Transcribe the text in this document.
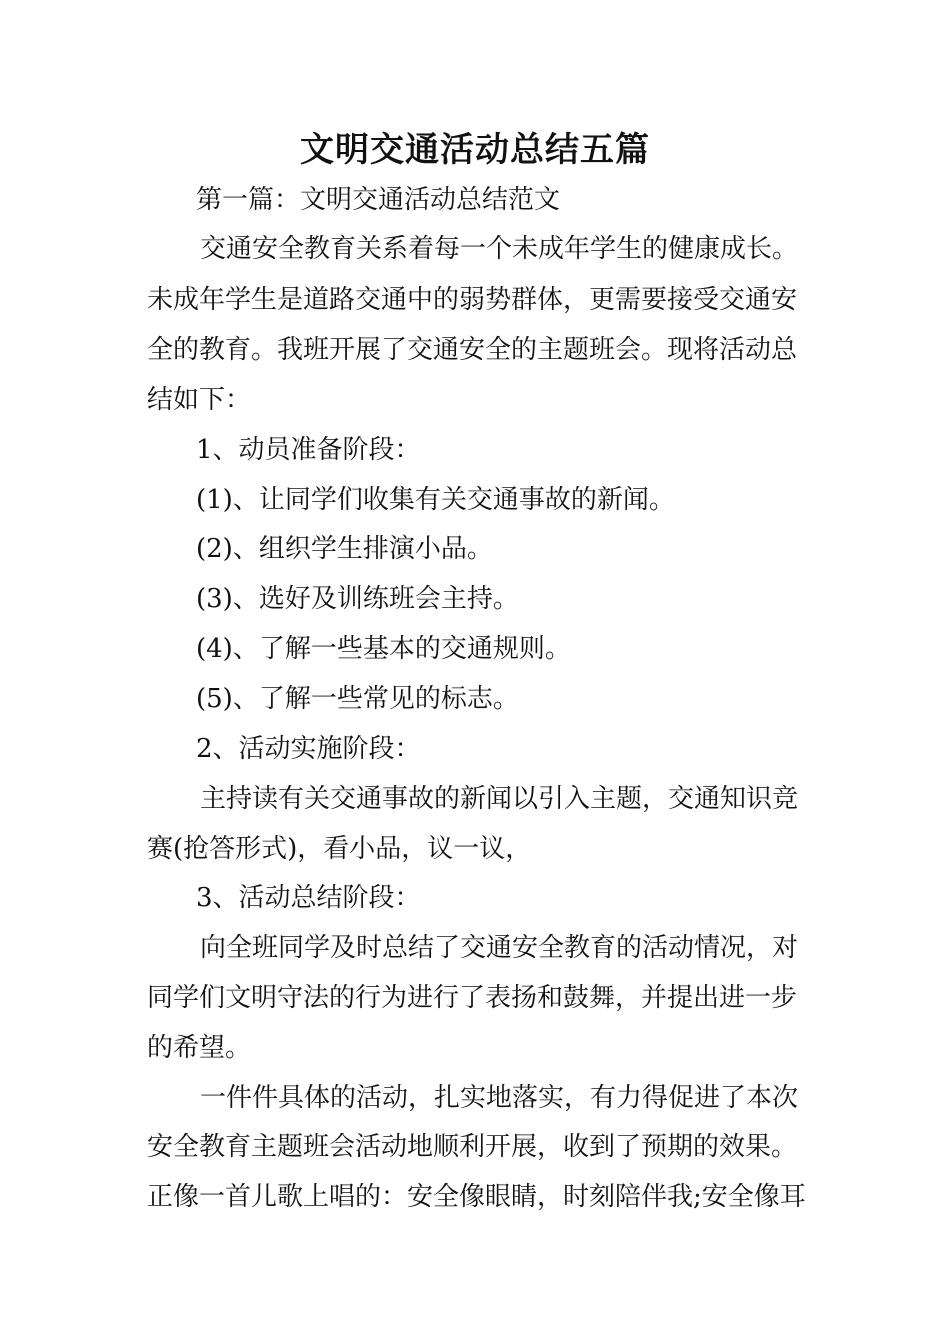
文明交通活动总结五篇
第一篇：文明交通活动总结范文
交通安全教育关系着每一个未成年学生的健康成长。
未成年学生是道路交通中的弱势群体，更需要接受交通安
全的教育。我班开展了交通安全的主题班会。现将活动总
结如下：
1、动员准备阶段：
(1)、让同学们收集有关交通事故的新闻。
(2)、组织学生排演小品。
(3)、选好及训练班会主持。
(4)、了解一些基本的交通规则。
(5)、了解一些常见的标志。
2、活动实施阶段：
主持读有关交通事故的新闻以引入主题，交通知识竞
赛(抢答形式)，看小品，议一议，
3、活动总结阶段：
向全班同学及时总结了交通安全教育的活动情况，对
同学们文明守法的行为进行了表扬和鼓舞，并提出进一步
的希望。
一件件具体的活动，扎实地落实，有力得促进了本次
安全教育主题班会活动地顺利开展，收到了预期的效果。
正像一首儿歌上唱的：安全像眼睛，时刻陪伴我;安全像耳
